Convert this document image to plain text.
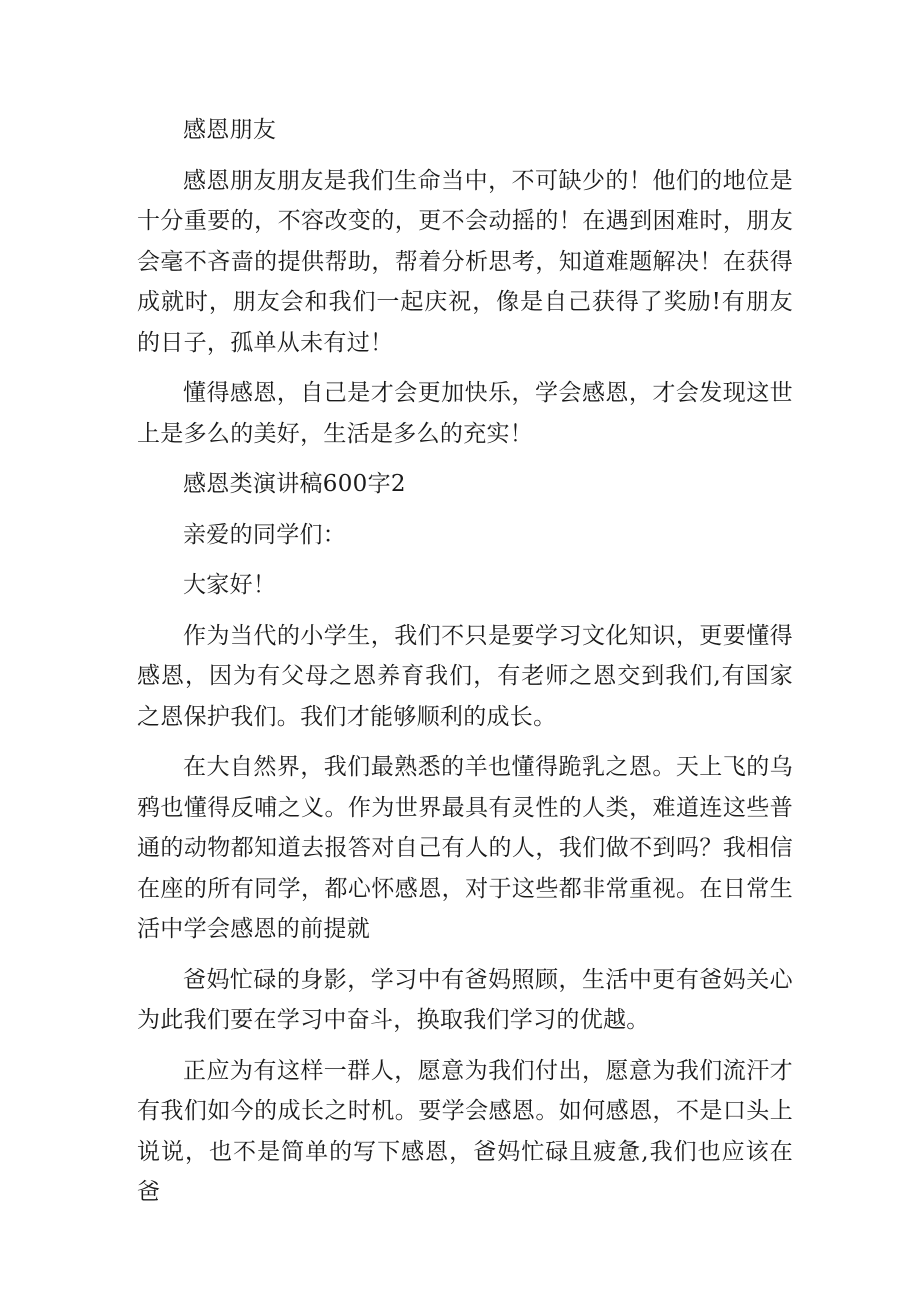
感恩朋友

感恩朋友朋友是我们生命当中，不可缺少的！他们的地位是十分重要的，不容改变的，更不会动摇的！在遇到困难时，朋友会毫不吝啬的提供帮助，帮着分析思考，知道难题解决！在获得成就时，朋友会和我们一起庆祝，像是自己获得了奖励!有朋友的日子，孤单从未有过！

懂得感恩，自己是才会更加快乐，学会感恩，才会发现这世上是多么的美好，生活是多么的充实！

感恩类演讲稿600字2

亲爱的同学们：

大家好！

作为当代的小学生，我们不只是要学习文化知识，更要懂得感恩，因为有父母之恩养育我们，有老师之恩交到我们,有国家之恩保护我们。我们才能够顺利的成长。

在大自然界，我们最熟悉的羊也懂得跪乳之恩。天上飞的乌鸦也懂得反哺之义。作为世界最具有灵性的人类，难道连这些普通的动物都知道去报答对自己有人的人，我们做不到吗？我相信在座的所有同学，都心怀感恩，对于这些都非常重视。在日常生活中学会感恩的前提就

爸妈忙碌的身影，学习中有爸妈照顾，生活中更有爸妈关心为此我们要在学习中奋斗，换取我们学习的优越。

正应为有这样一群人，愿意为我们付出，愿意为我们流汗才有我们如今的成长之时机。要学会感恩。如何感恩，不是口头上说说，也不是简单的写下感恩，爸妈忙碌且疲惫,我们也应该在爸
